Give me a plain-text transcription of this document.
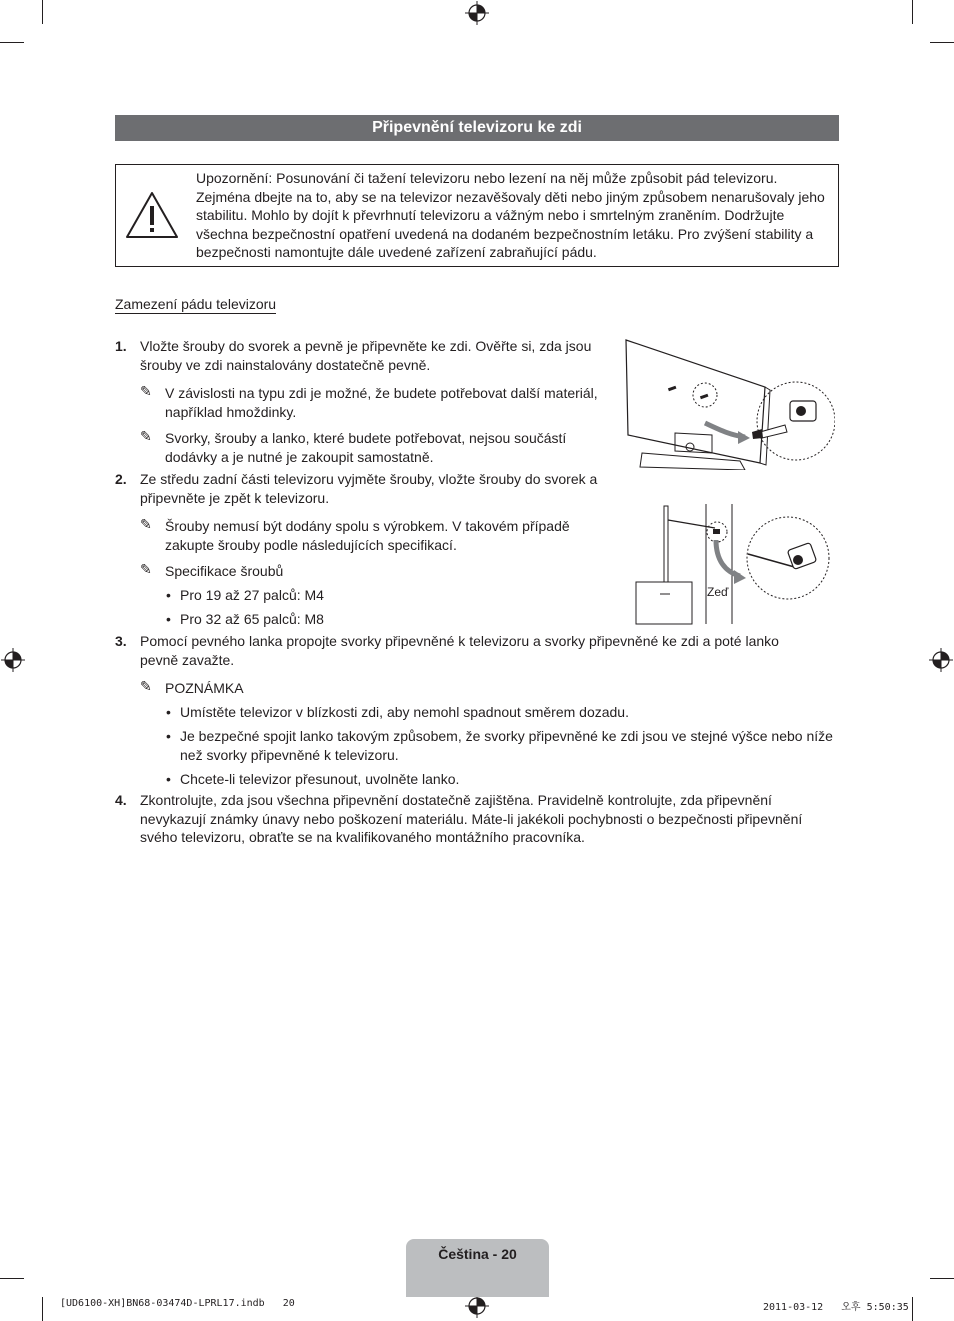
Připevnění televizoru ke zdi
Upozornění: Posunování či tažení televizoru nebo lezení na něj může způsobit pád televizoru. Zejména dbejte na to, aby se na televizor nezavěšovaly děti nebo jiným způsobem nenarušovaly jeho stabilitu. Mohlo by dojít k převrhnutí televizoru a vážným nebo i smrtelným zraněním. Dodržujte všechna bezpečnostní opatření uvedená na dodaném bezpečnostním letáku. Pro zvýšení stability a bezpečnosti namontujte dále uvedené zařízení zabraňující pádu.
Zamezení pádu televizoru
1. Vložte šrouby do svorek a pevně je připevněte ke zdi. Ověřte si, zda jsou šrouby ve zdi nainstalovány dostatečně pevně.
✎ V závislosti na typu zdi je možné, že budete potřebovat další materiál, například hmoždinky.
✎ Svorky, šrouby a lanko, které budete potřebovat, nejsou součástí dodávky a je nutné je zakoupit samostatně.
2. Ze středu zadní části televizoru vyjměte šrouby, vložte šrouby do svorek a připevněte je zpět k televizoru.
✎ Šrouby nemusí být dodány spolu s výrobkem. V takovém případě zakupte šrouby podle následujících specifikací.
✎ Specifikace šroubů
• Pro 19 až 27 palců: M4
• Pro 32 až 65 palců: M8
3. Pomocí pevného lanka propojte svorky připevněné k televizoru a svorky připevněné ke zdi a poté lanko pevně zavažte.
✎ POZNÁMKA
• Umístěte televizor v blízkosti zdi, aby nemohl spadnout směrem dozadu.
• Je bezpečné spojit lanko takovým způsobem, že svorky připevněné ke zdi jsou ve stejné výšce nebo níže než svorky připevněné k televizoru.
• Chcete-li televizor přesunout, uvolněte lanko.
4. Zkontrolujte, zda jsou všechna připevnění dostatečně zajištěna. Pravidelně kontrolujte, zda připevnění nevykazují známky únavy nebo poškození materiálu. Máte-li jakékoli pochybnosti o bezpečnosti připevnění svého televizoru, obraťte se na kvalifikovaného montážního pracovníka.
Zeď
Čeština - 20
[UD6100-XH]BN68-03474D-LPRL17.indb   20	2011-03-12   오후 5:50:35
